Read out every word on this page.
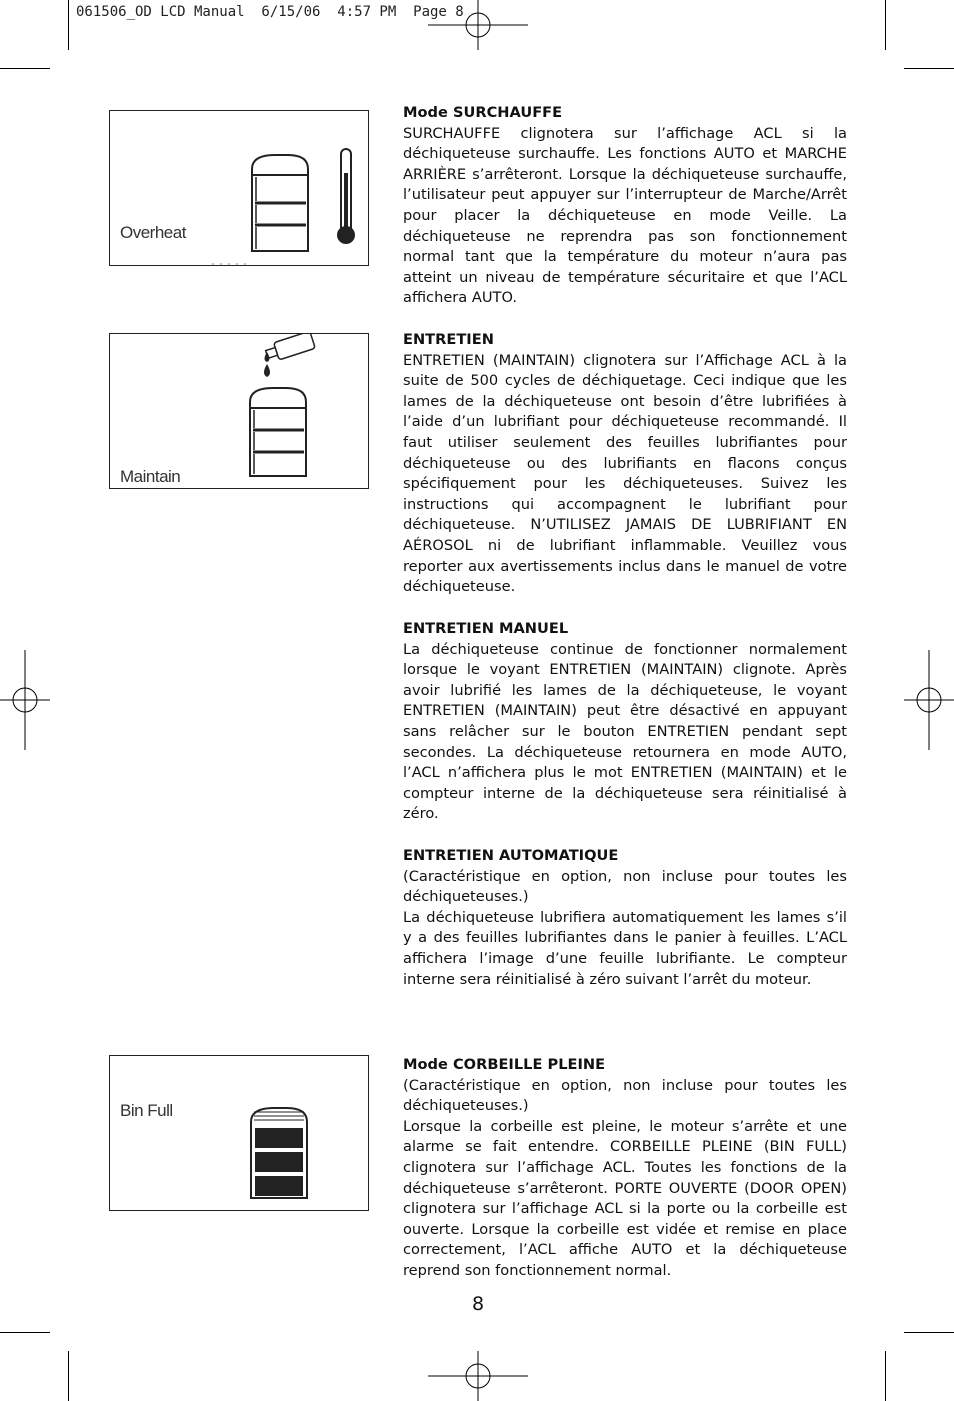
061506_OD LCD Manual  6/15/06  4:57 PM  Page 8
Overheat
Maintain
Bin Full
Mode SURCHAUFFE

SURCHAUFFE clignotera sur l’affichage ACL si la déchiqueteuse surchauffe. Les fonctions AUTO et MARCHE ARRIÈRE s’arrêteront. Lorsque la déchiqueteuse surchauffe, l’utilisateur peut appuyer sur l’interrupteur de Marche/Arrêt pour placer la déchiqueteuse en mode Veille. La déchiqueteuse ne reprendra pas son fonctionnement normal tant que la température du moteur n’aura pas atteint un niveau de température sécuritaire et que l’ACL affichera AUTO.

ENTRETIEN

ENTRETIEN (MAINTAIN) clignotera sur l’Affichage ACL à la suite de 500 cycles de déchiquetage. Ceci indique que les lames de la déchiqueteuse ont besoin d’être lubrifiées à l’aide d’un lubrifiant pour déchiqueteuse recommandé. Il faut utiliser seulement des feuilles lubrifiantes pour déchiqueteuse ou des lubrifiants en flacons conçus spécifiquement pour les déchiqueteuses. Suivez les instructions qui accompagnent le lubrifiant pour déchiqueteuse. N’UTILISEZ JAMAIS DE LUBRIFIANT EN AÉROSOL ni de lubrifiant inflammable. Veuillez vous reporter aux avertissements inclus dans le manuel de votre déchiqueteuse.

ENTRETIEN MANUEL

La déchiqueteuse continue de fonctionner normalement lorsque le voyant ENTRETIEN (MAINTAIN) clignote. Après avoir lubrifié les lames de la déchiqueteuse, le voyant ENTRETIEN (MAINTAIN) peut être désactivé en appuyant sans relâcher sur le bouton ENTRETIEN pendant sept secondes. La déchiqueteuse retournera en mode AUTO, l’ACL n’affichera plus le mot ENTRETIEN (MAINTAIN) et le compteur interne de la déchiqueteuse sera réinitialisé à zéro.

ENTRETIEN AUTOMATIQUE

(Caractéristique en option, non incluse pour toutes les déchiqueteuses.)

La déchiqueteuse lubrifiera automatiquement les lames s’il y a des feuilles lubrifiantes dans le panier à feuilles. L’ACL affichera l’image d’une feuille lubrifiante. Le compteur interne sera réinitialisé à zéro suivant l’arrêt du moteur.

Mode CORBEILLE PLEINE

(Caractéristique en option, non incluse pour toutes les déchiqueteuses.)

Lorsque la corbeille est pleine, le moteur s’arrête et une alarme se fait entendre. CORBEILLE PLEINE (BIN FULL) clignotera sur l’affichage ACL. Toutes les fonctions de la déchiqueteuse s’arrêteront. PORTE OUVERTE (DOOR OPEN) clignotera sur l’affichage ACL si la porte ou la corbeille est ouverte. Lorsque la corbeille est vidée et remise en place correctement, l’ACL affiche AUTO et la déchiqueteuse reprend son fonctionnement normal.

8
